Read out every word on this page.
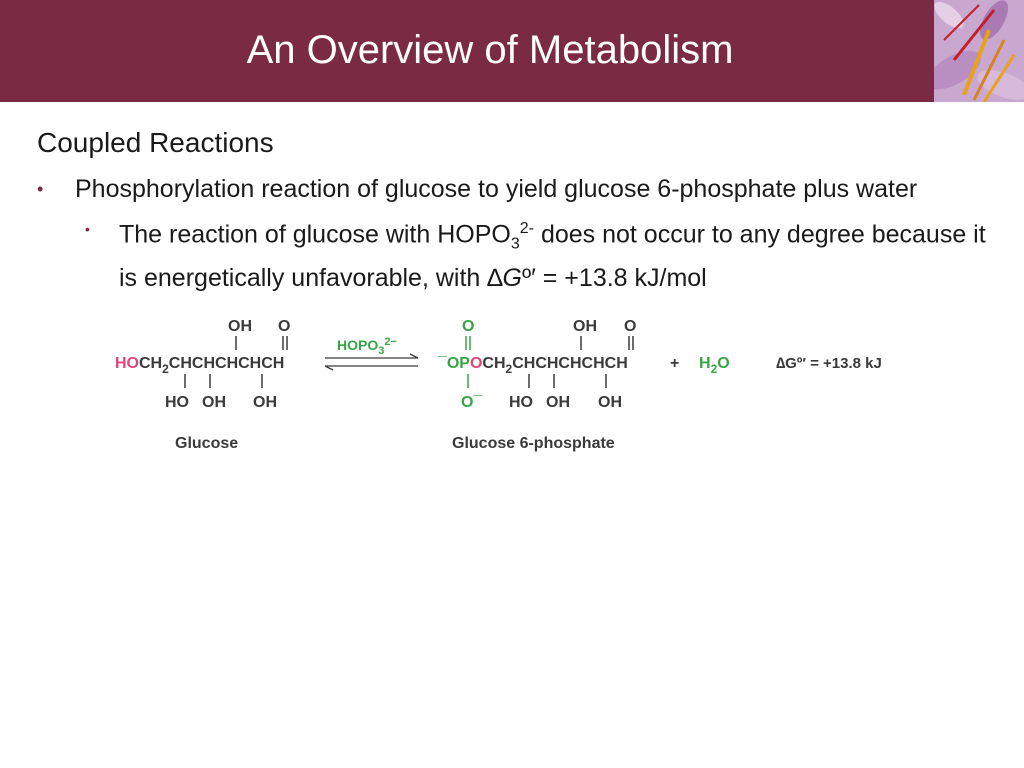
An Overview of Metabolism
Coupled Reactions
• Phosphorylation reaction of glucose to yield glucose 6-phosphate plus water
• The reaction of glucose with $HOPO_3^{2-}$ does not occur to any degree because it is energetically unfavorable, with ∆Gº′ = +13.8 kJ/mol
OH O
$HOCH_2CHCHCHCHCH$
HO OH OH
Glucose
$HOPO_3^{2-}$
O	OH O
$¯OPOCH_2CHCHCHCHCH$
O¯ HO OH OH
Glucose 6-phosphate
+ $H_2O$	∆Gº′ = +13.8 kJ
